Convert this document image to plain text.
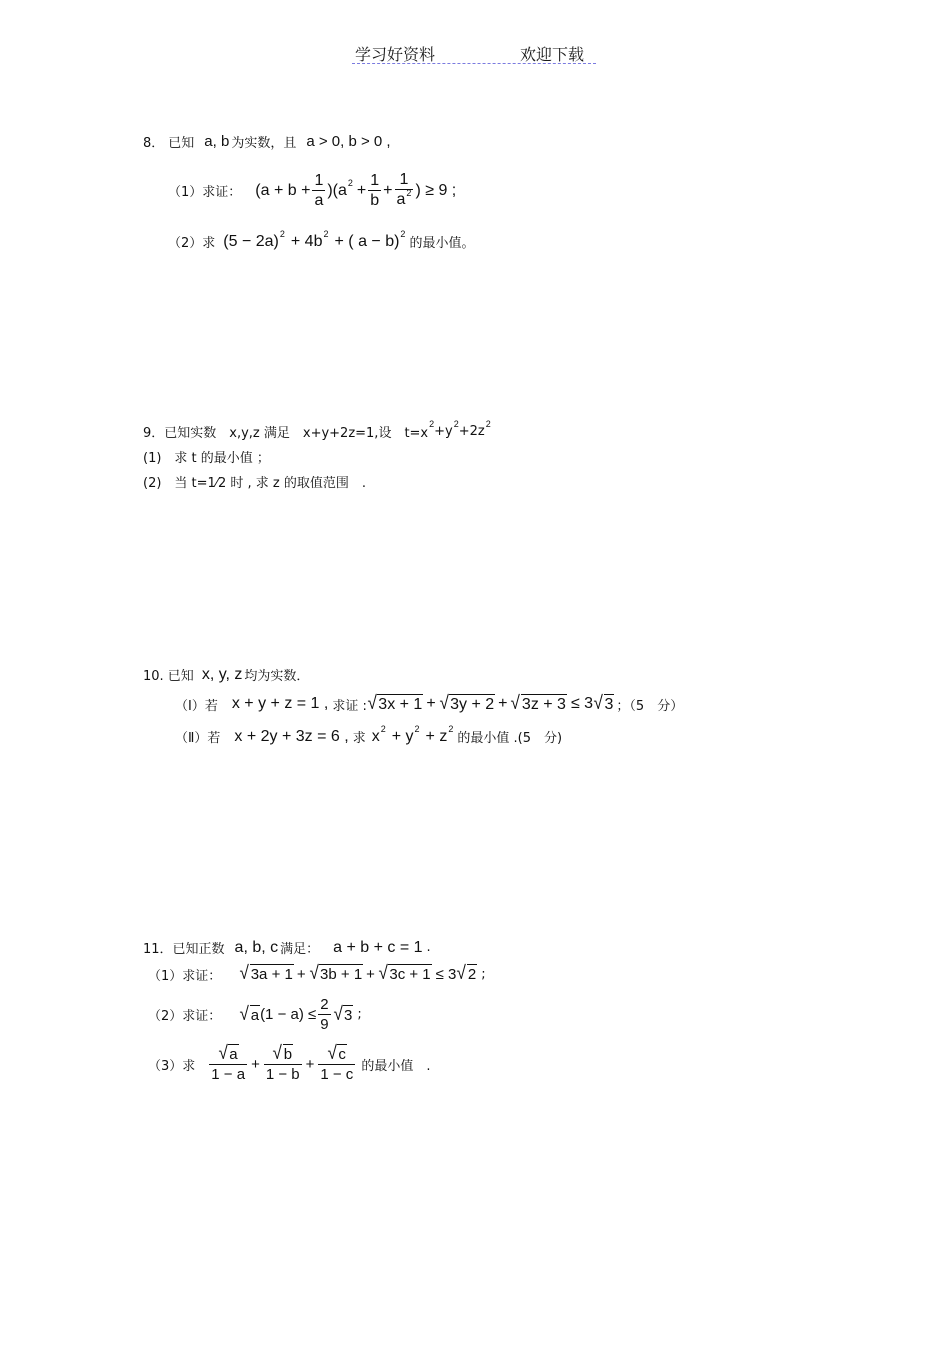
学习好资料	欢迎下载
8． 已知 a, b 为实数，且 a > 0, b > 0 ,
（1）求证： $(a + b + \frac{1}{a} )(a$ $2 + \frac{1}{b} + \frac{1}{a^2}$ ) ≥ 9 ;
（2）求 (5 − 2a) 2 + 4b 2 + ( a − b) 2
的最小值。
9．已知实数　x,y,z 满足　x+y+2z=1,设　t=x
2
+y
2
+2z
2
(1)　求 t 的最小值 ；
(2)　当 t=1⁄2 时 , 求 z 的取值范围　.
10. 已知 x, y, z 均为实数．
（Ⅰ）若 x + y + z = 1 , 求证 : √ 3x + 1 + √ 3y + 2 + √ 3z + 3 ≤ 3 √ 3 ；（5　分）
（Ⅱ）若 x + 2y + 3z = 6 , 求 x 2 + y 2 + z 2
的最小值 .(5　分)
11．已知正数 a, b, c 满足： a + b + c = 1 .
（1）求证： √ 3a + 1 + √ 3b + 1 + √ 3c + 1 ≤ 3 √ 2 ;
（2）求证： √ a $(1 - a) \le \frac{2}{9}$ √ 3 ;
（3）求 $\frac{√ a}{1 - a} + \frac{√ b}{1 - b} + \frac{√ c}{1 - c}$ 的最小值　.
